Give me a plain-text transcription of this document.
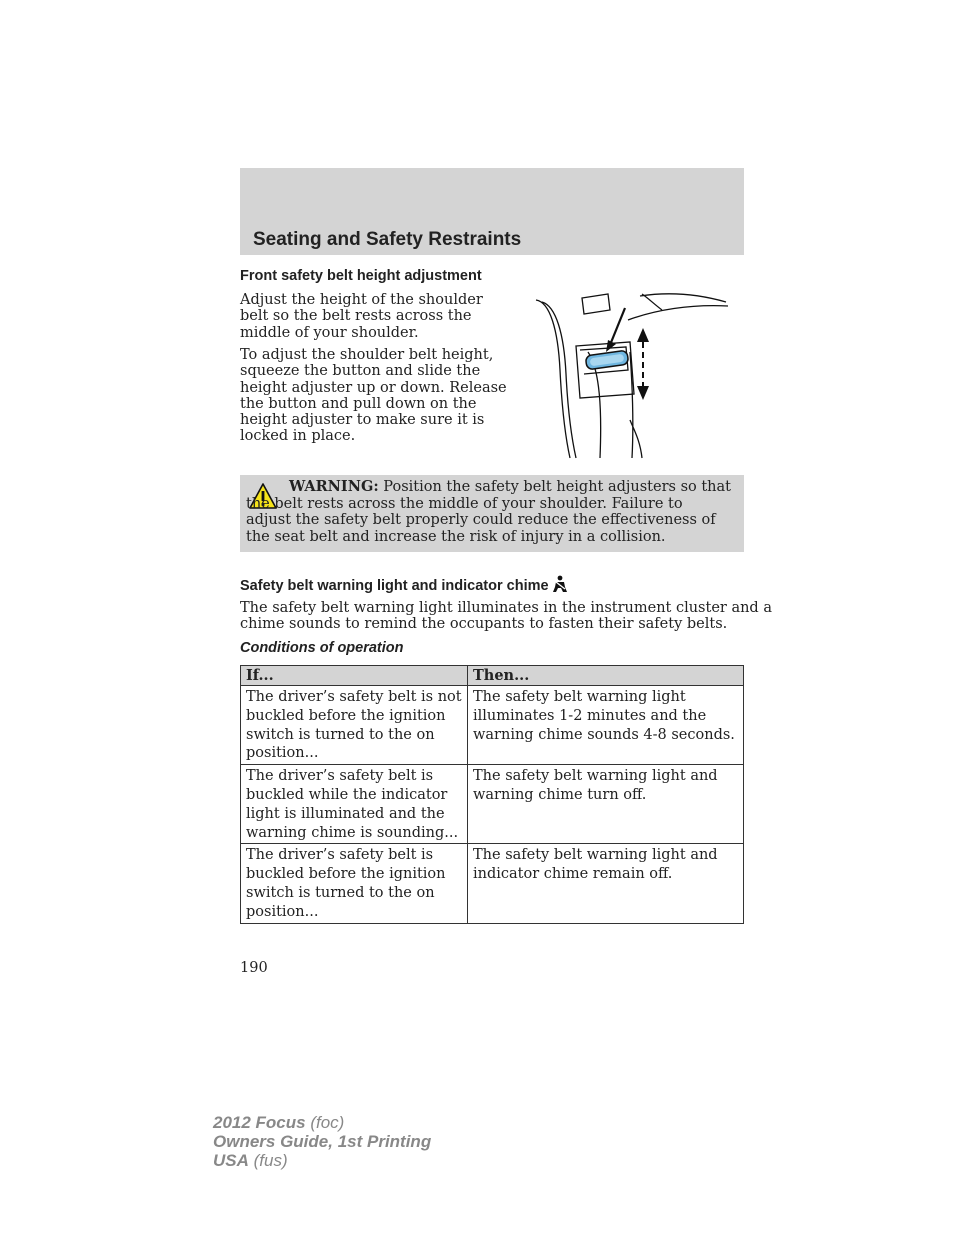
Seating and Safety Restraints
Front safety belt height adjustment

Adjust the height of the shoulder
belt so the belt rests across the
middle of your shoulder.

To adjust the shoulder belt height,
squeeze the button and slide the
height adjuster up or down. Release
the button and pull down on the
height adjuster to make sure it is
locked in place.

WARNING: Position the safety belt height adjusters so that the belt rests across the middle of your shoulder. Failure to adjust the safety belt properly could reduce the effectiveness of the seat belt and increase the risk of injury in a collision.

Safety belt warning light and indicator chime

The safety belt warning light illuminates in the instrument cluster and a
chime sounds to remind the occupants to fasten their safety belts.

Conditions of operation
If...	Then...
The driver’s safety belt is not
buckled before the ignition
switch is turned to the on
position...	The safety belt warning light
illuminates 1-2 minutes and the
warning chime sounds 4-8 seconds.
The driver’s safety belt is
buckled while the indicator
light is illuminated and the
warning chime is sounding...	The safety belt warning light and
warning chime turn off.
The driver’s safety belt is
buckled before the ignition
switch is turned to the on
position...	The safety belt warning light and
indicator chime remain off.

190

2012 Focus (foc)
Owners Guide, 1st Printing
USA (fus)
